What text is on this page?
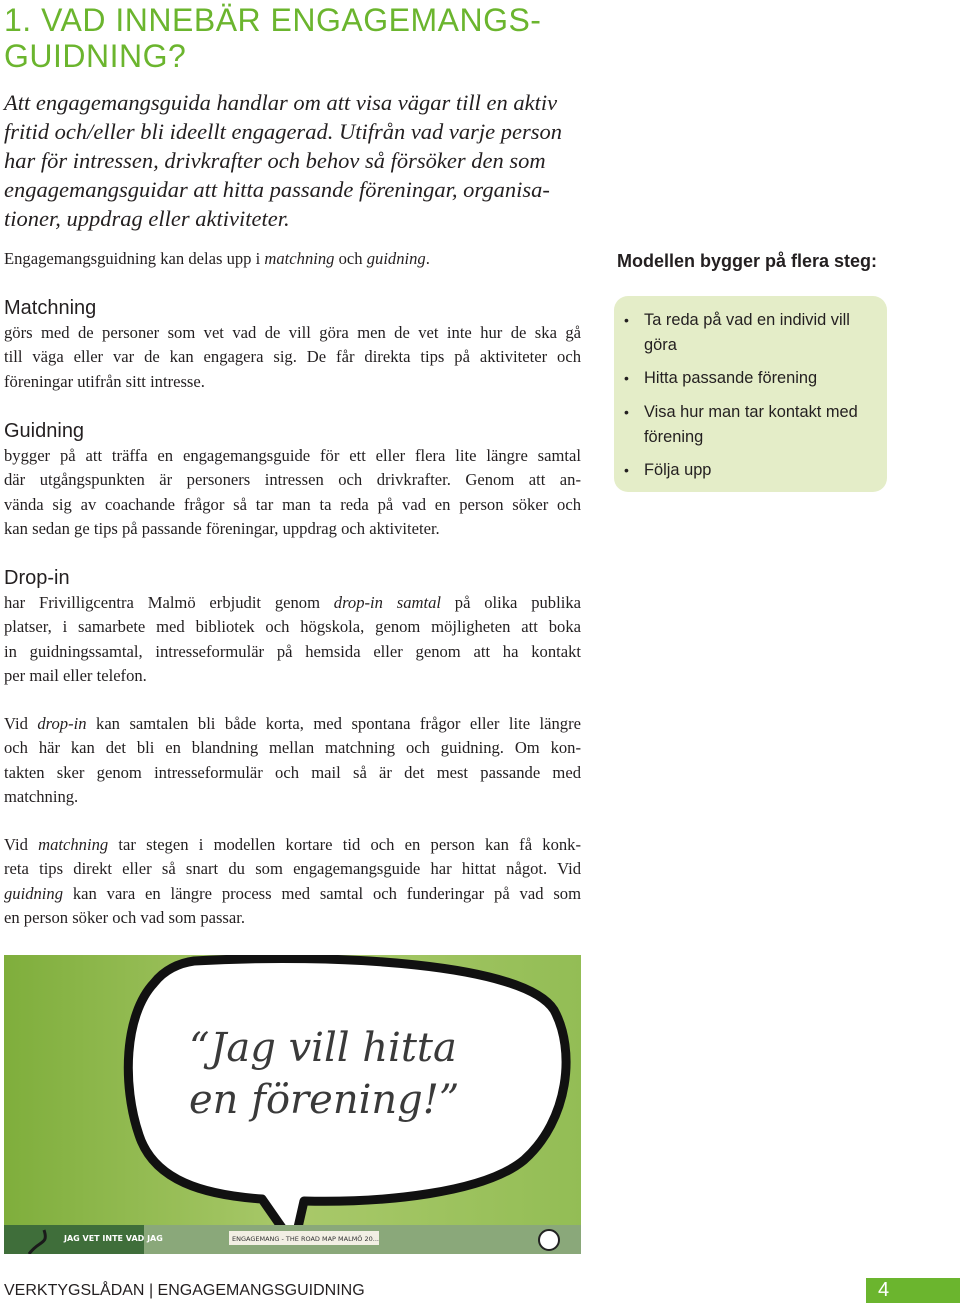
1. VAD INNEBÄR ENGAGEMANGS-
GUIDNING?
Att engagemangsguida handlar om att visa vägar till en aktiv
fritid och/eller bli ideellt engagerad. Utifrån vad varje person
har för intressen, drivkrafter och behov så försöker den som
engagemangsguidar att hitta passande föreningar, organisa-
tioner, uppdrag eller aktiviteter.
Engagemangsguidning kan delas upp i matchning och guidning.
Matchning
görs med de personer som vet vad de vill göra men de vet inte hur de ska gå
till väga eller var de kan engagera sig. De får direkta tips på aktiviteter och
föreningar utifrån sitt intresse.
Guidning
bygger på att träffa en engagemangsguide för ett eller flera lite längre samtal
där utgångspunkten är personers intressen och drivkrafter. Genom att an-
vända sig av coachande frågor så tar man ta reda på vad en person söker och
kan sedan ge tips på passande föreningar, uppdrag och aktiviteter.
Drop-in
har Frivilligcentra Malmö erbjudit genom drop-in samtal på olika publika
platser, i samarbete med bibliotek och högskola, genom möjligheten att boka
in guidningssamtal, intresseformulär på hemsida eller genom att ha kontakt
per mail eller telefon.
Vid drop-in kan samtalen bli både korta, med spontana frågor eller lite längre
och här kan det bli en blandning mellan matchning och guidning. Om kon-
takten sker genom intresseformulär och mail så är det mest passande med
matchning.
Vid matchning tar stegen i modellen kortare tid och en person kan få konk-
reta tips direkt eller så snart du som engagemangsguide har hittat något. Vid
guidning kan vara en längre process med samtal och funderingar på vad som
en person söker och vad som passar.
Modellen bygger på flera steg:
• Ta reda på vad en individ vill göra
• Hitta passande förening
• Visa hur man tar kontakt med förening
• Följa upp
“Jag vill hitta
en förening!”
JAG VET INTE VAD JAG	ENGAGEMANG - THE ROAD MAP MALMÖ 20...
VERKTYGSLÅDAN | ENGAGEMANGSGUIDNING	4
